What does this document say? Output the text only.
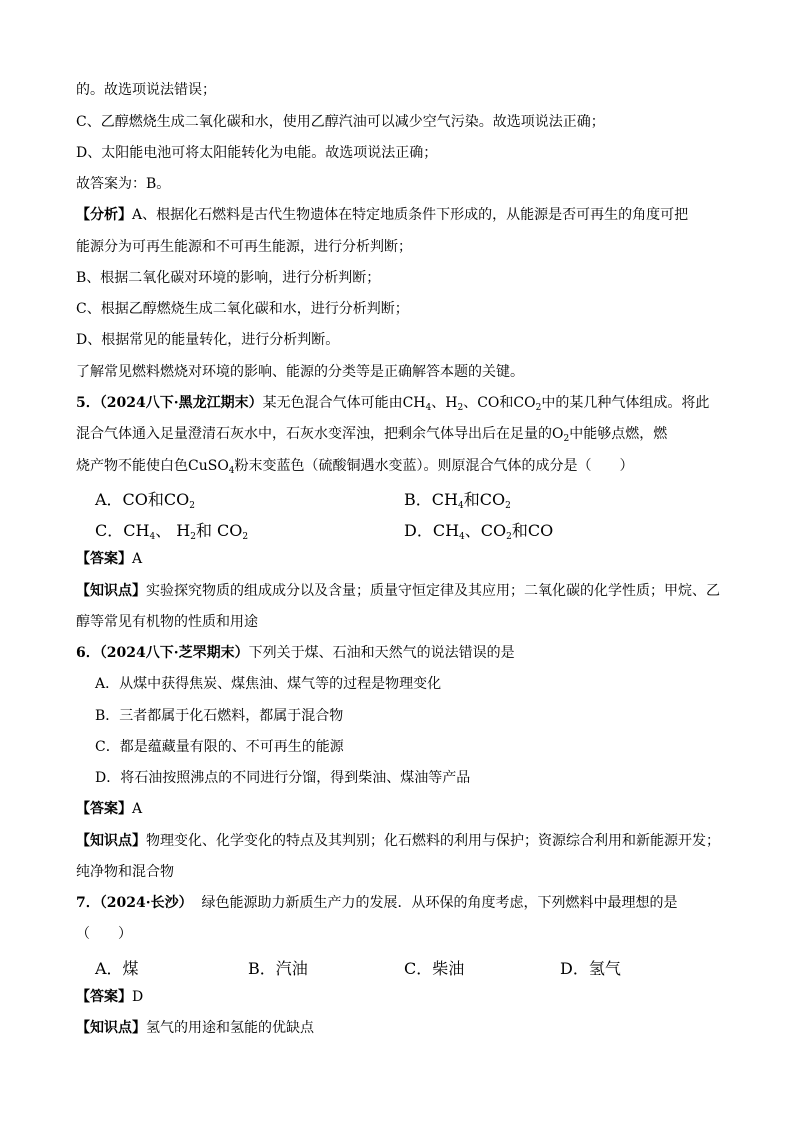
的。故选项说法错误；
C、乙醇燃烧生成二氧化碳和水，使用乙醇汽油可以减少空气污染。故选项说法正确；
D、太阳能电池可将太阳能转化为电能。故选项说法正确；
故答案为：B。
【分析】A、根据化石燃料是古代生物遗体在特定地质条件下形成的，从能源是否可再生的角度可把
能源分为可再生能源和不可再生能源，进行分析判断；
B、根据二氧化碳对环境的影响，进行分析判断；
C、根据乙醇燃烧生成二氧化碳和水，进行分析判断；
D、根据常见的能量转化，进行分析判断。
了解常见燃料燃烧对环境的影响、能源的分类等是正确解答本题的关键。
5．（2024八下·黑龙江期末）某无色混合气体可能由$CH_4$、$H_2$、CO和$CO_2$中的某几种气体组成。将此
混合气体通入足量澄清石灰水中，石灰水变浑浊，把剩余气体导出后在足量的$O_2$中能够点燃，燃
烧产物不能使白色CuSO$_4$粉末变蓝色（硫酸铜遇水变蓝）。则原混合气体的成分是（　　）
A．CO和$CO_2$	B．$CH_4$和$CO_2$
C．$CH_4$、 $H_2$和 $CO_2$	D．$CH_4$、$CO_2$和CO
【答案】A
【知识点】实验探究物质的组成成分以及含量；质量守恒定律及其应用；二氧化碳的化学性质；甲烷、乙
醇等常见有机物的性质和用途
6．（2024八下·芝罘期末）下列关于煤、石油和天然气的说法错误的是
A．从煤中获得焦炭、煤焦油、煤气等的过程是物理变化
B．三者都属于化石燃料，都属于混合物
C．都是蕴藏量有限的、不可再生的能源
D．将石油按照沸点的不同进行分馏，得到柴油、煤油等产品
【答案】A
【知识点】物理变化、化学变化的特点及其判别；化石燃料的利用与保护；资源综合利用和新能源开发；
纯净物和混合物
7．（2024·长沙） 绿色能源助力新质生产力的发展．从环保的角度考虑，下列燃料中最理想的是
（　　）
A．煤	B．汽油	C．柴油	D．氢气
【答案】D
【知识点】氢气的用途和氢能的优缺点
